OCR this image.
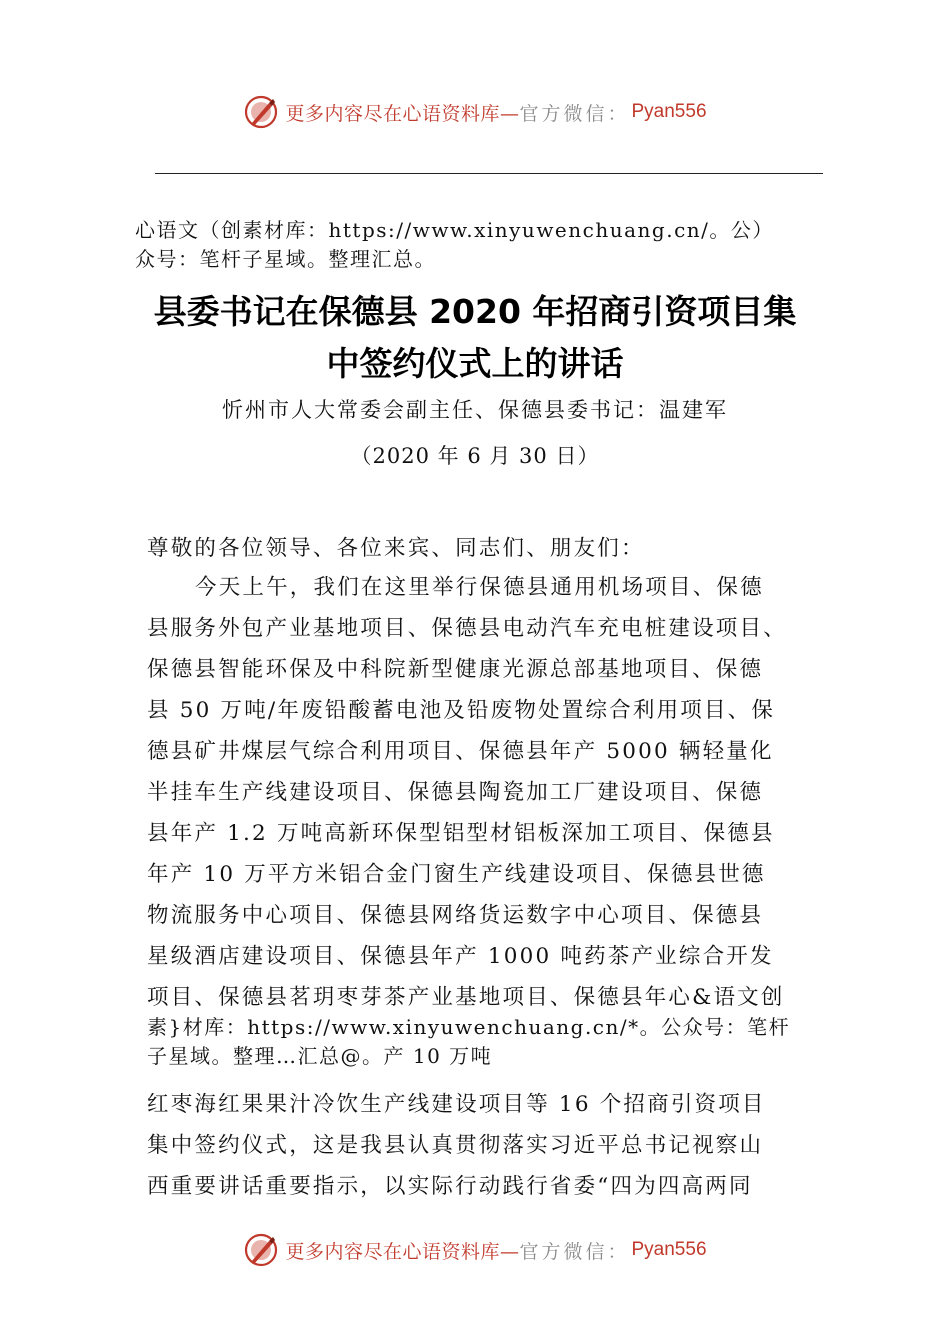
更多内容尽在心语资料库— 官方微信： Pyan556
心语文（创素材库：https://www.xinyuwenchuang.cn/。公）
众号：笔杆子星域。整理汇总。
县委书记在保德县 2020 年招商引资项目集
中签约仪式上的讲话
忻州市人大常委会副主任、保德县委书记：温建军
（2020 年 6 月 30 日）
尊敬的各位领导、各位来宾、同志们、朋友们：
今天上午，我们在这里举行保德县通用机场项目、保德
县服务外包产业基地项目、保德县电动汽车充电桩建设项目、
保德县智能环保及中科院新型健康光源总部基地项目、保德
县 50 万吨/年废铅酸蓄电池及铅废物处置综合利用项目、保
德县矿井煤层气综合利用项目、保德县年产 5000 辆轻量化
半挂车生产线建设项目、保德县陶瓷加工厂建设项目、保德
县年产 1.2 万吨高新环保型铝型材铝板深加工项目、保德县
年产 10 万平方米铝合金门窗生产线建设项目、保德县世德
物流服务中心项目、保德县网络货运数字中心项目、保德县
星级酒店建设项目、保德县年产 1000 吨药茶产业综合开发
项目、保德县茗玥枣芽茶产业基地项目、保德县年心&语文创
素}材库：https://www.xinyuwenchuang.cn/*。公众号：笔杆
子星域。整理…汇总@。产 10 万吨
红枣海红果果汁冷饮生产线建设项目等 16 个招商引资项目
集中签约仪式，这是我县认真贯彻落实习近平总书记视察山
西重要讲话重要指示，以实际行动践行省委“四为四高两同
更多内容尽在心语资料库— 官方微信： Pyan556
